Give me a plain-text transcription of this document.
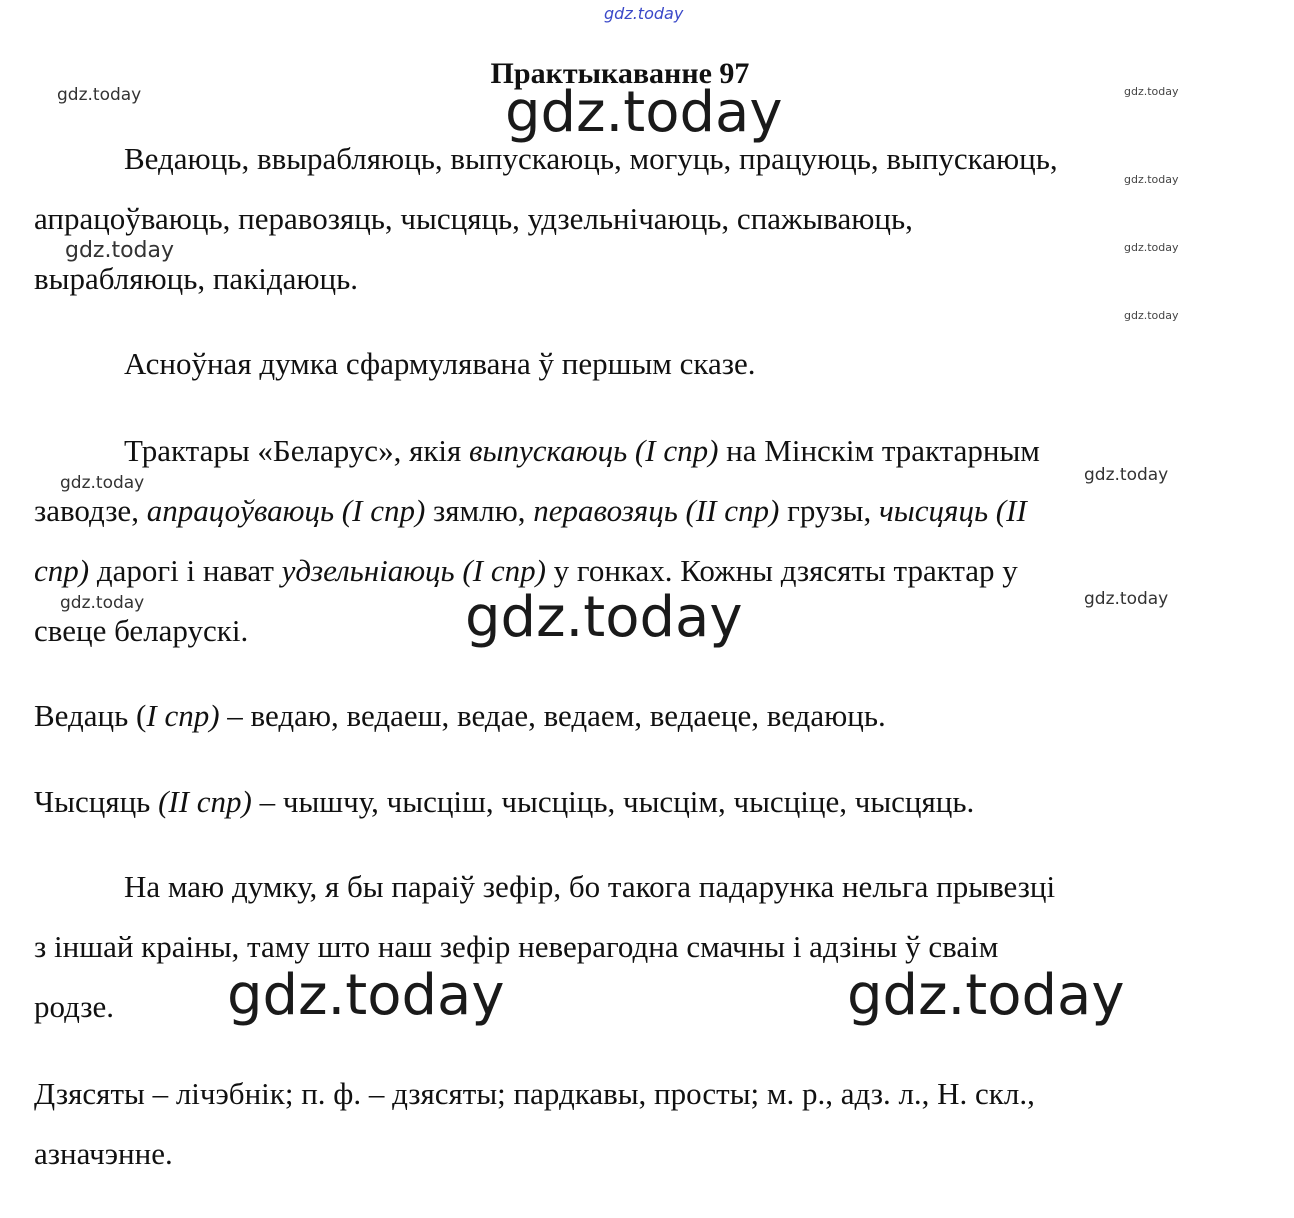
gdz.today
gdz.today	gdz.today
gdz.today
gdz.today
gdz.today	gdz.today
gdz.today
gdz.today
gdz.today
gdz.today	gdz.today
gdz.today
gdz.today	gdz.today
Практыкаванне 97
Ведаюць, ввырабляюць, выпускаюць, могуць, працуюць, выпускаюць,
апрацоўваюць, перавозяць, чысцяць, удзельнічаюць, спажываюць,
вырабляюць, пакідаюць.
Асноўная думка сфармулявана ў першым сказе.
Трактары «Беларус», якія выпускаюць (I спр) на Мінскім трактарным
заводзе, апрацоўваюць (I спр) зямлю, перавозяць (II спр) грузы, чысцяць (II
спр) дарогі і нават удзельніаюць (I спр) у гонках. Кожны дзясяты трактар у
свеце беларускі.
Ведаць (I спр) – ведаю, ведаеш, ведае, ведаем, ведаеце, ведаюць.
Чысцяць (II спр) – чышчу, чысціш, чысціць, чысцім, чысціце, чысцяць.
На маю думку, я бы параіў зефір, бо такога падарунка нельга прывезці
з іншай краіны, таму што наш зефір неверагодна смачны і адзіны ў сваім
родзе.
Дзясяты – лічэбнік; п. ф. – дзясяты; пардкавы, просты; м. р., адз. л., Н. скл.,
азначэнне.
